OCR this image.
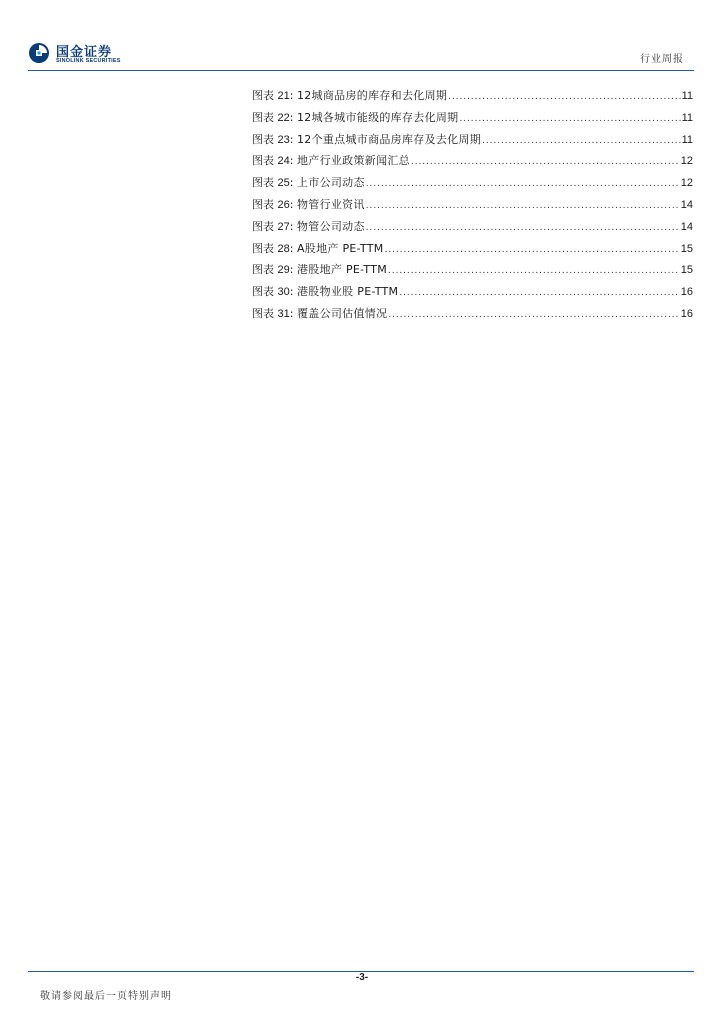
国金证券
SINOLINK SECURITIES	行业周报
图表 21: 12城商品房的库存和去化周期 .....	11
图表 22: 12城各城市能级的库存去化周期 .....	11
图表 23: 12个重点城市商品房库存及去化周期 .....	11
图表 24: 地产行业政策新闻汇总 .....	12
图表 25: 上市公司动态 .....	12
图表 26: 物管行业资讯 .....	14
图表 27: 物管公司动态 .....	14
图表 28: A股地产 PE-TTM .....	15
图表 29: 港股地产 PE-TTM .....	15
图表 30: 港股物业股 PE-TTM .....	16
图表 31: 覆盖公司估值情况 .....	16
-3-
敬请参阅最后一页特别声明
